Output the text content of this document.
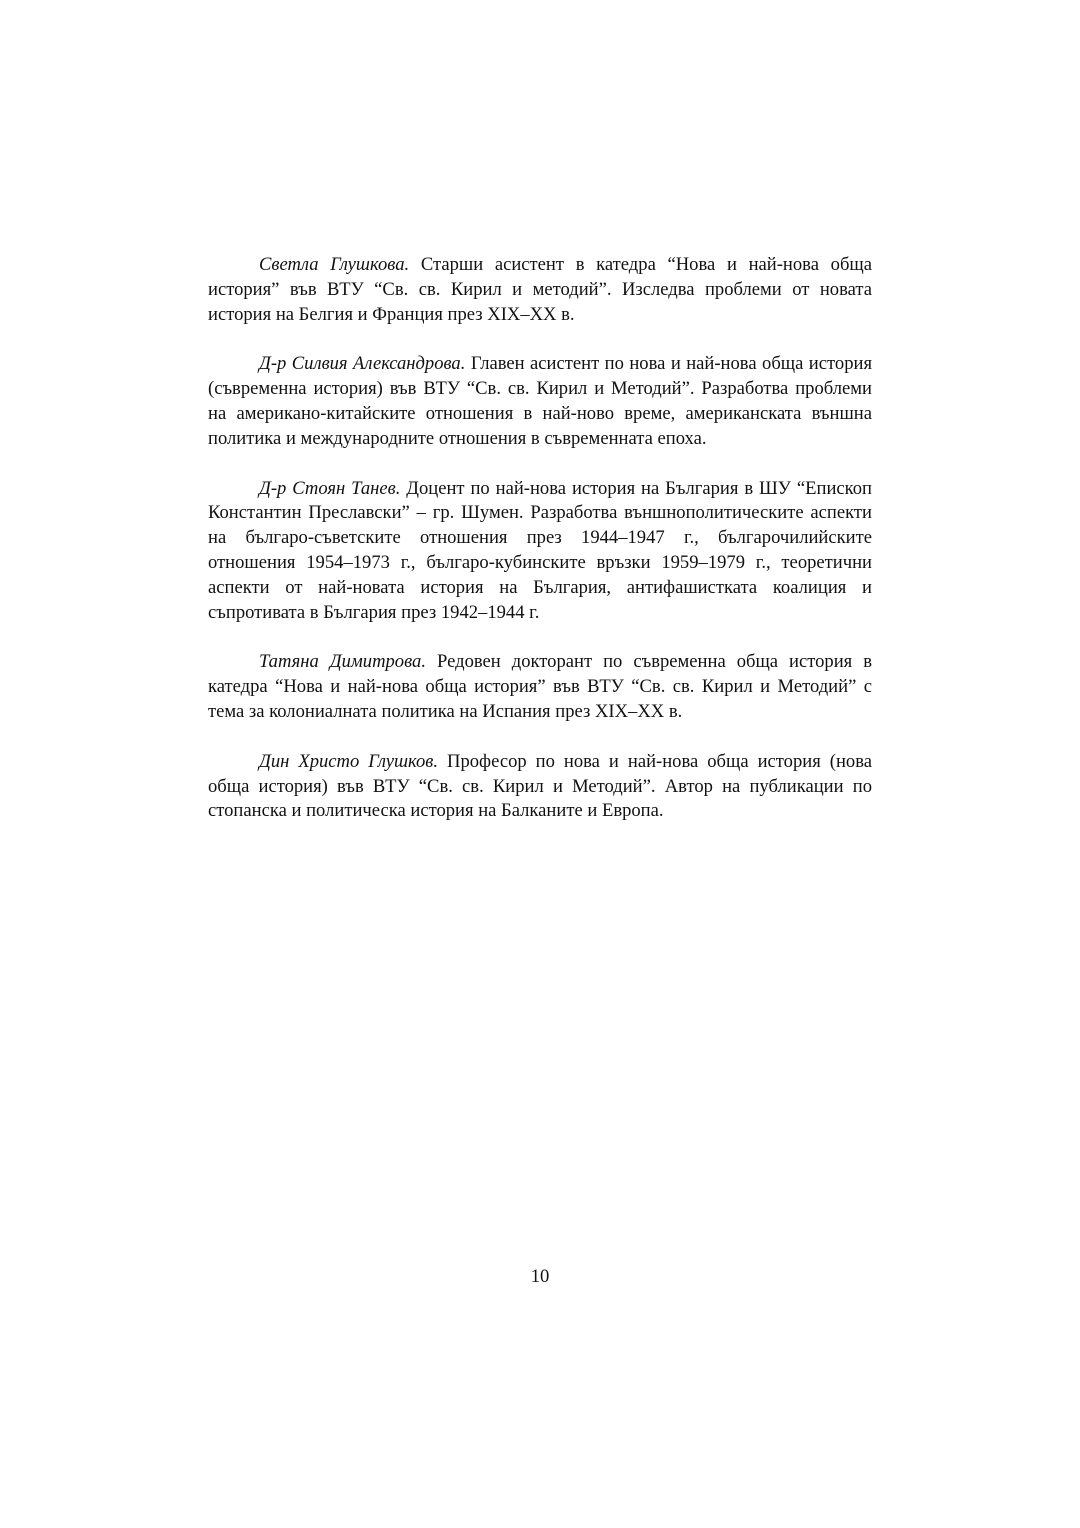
Светла Глушкова. Старши асистент в катедра “Нова и най-нова обща история” във ВТУ “Св. св. Кирил и методий”. Изследва проблеми от новата история на Белгия и Франция през XIX–XX в.

Д-р Силвия Александрова. Главен асистент по нова и най-нова обща история (съвременна история) във ВТУ “Св. св. Кирил и Методий”. Разработва проблеми на американо-китайските отношения в най-ново време, американската външна политика и международните отношения в съвременната епоха.

Д-р Стоян Танев. Доцент по най-нова история на България в ШУ “Епископ Константин Преславски” – гр. Шумен. Разработва външнополитическите аспекти на българо-съветските отношения през 1944–1947 г., българочилийските отношения 1954–1973 г., българо-кубинските връзки 1959–1979 г., теоретични аспекти от най-новата история на България, антифашистката коалиция и съпротивата в България през 1942–1944 г.

Татяна Димитрова. Редовен докторант по съвременна обща история в катедра “Нова и най-нова обща история” във ВТУ “Св. св. Кирил и Методий” с тема за колониалната политика на Испания през XIX–XX в.

Дин Христо Глушков. Професор по нова и най-нова обща история (нова обща история) във ВТУ “Св. св. Кирил и Методий”. Автор на публикации по стопанска и политическа история на Балканите и Европа.

10
